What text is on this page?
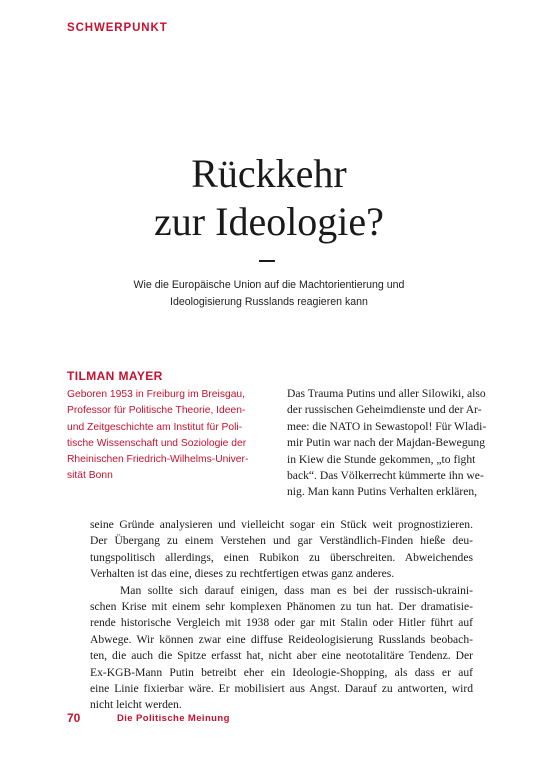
SCHWERPUNKT
Rückkehr
zur Ideologie?
Wie die Europäische Union auf die Machtorientierung und
Ideologisierung Russlands reagieren kann
TILMAN MAYER
Geboren 1953 in Freiburg im Breisgau,
Professor für Politische Theorie, Ideen-
und Zeitgeschichte am Institut für Poli-
tische Wissenschaft und Soziologie der
Rheinischen Friedrich-Wilhelms-Univer-
sität Bonn
Das Trauma Putins und aller Silowiki, also
der russischen Geheimdienste und der Ar-
mee: die NATO in Sewastopol! Für Wladi-
mir Putin war nach der Majdan-Bewegung
in Kiew die Stunde gekommen, „to fight
back“. Das Völkerrecht kümmerte ihn we-
nig. Man kann Putins Verhalten erklären,
seine Gründe analysieren und vielleicht sogar ein Stück weit prognostizieren.
Der Übergang zu einem Verstehen und gar Verständlich-Finden hieße deu-
tungspolitisch allerdings, einen Rubikon zu überschreiten. Abweichendes
Verhalten ist das eine, dieses zu rechtfertigen etwas ganz anderes.
Man sollte sich darauf einigen, dass man es bei der russisch-ukraini-
schen Krise mit einem sehr komplexen Phänomen zu tun hat. Der dramatisie-
rende historische Vergleich mit 1938 oder gar mit Stalin oder Hitler führt auf
Abwege. Wir können zwar eine diffuse Reideologisierung Russlands beobach-
ten, die auch die Spitze erfasst hat, nicht aber eine neototalitäre Tendenz. Der
Ex-KGB-Mann Putin betreibt eher ein Ideologie-Shopping, als dass er auf
eine Linie fixierbar wäre. Er mobilisiert aus Angst. Darauf zu antworten, wird
nicht leicht werden.
70	Die Politische Meinung
